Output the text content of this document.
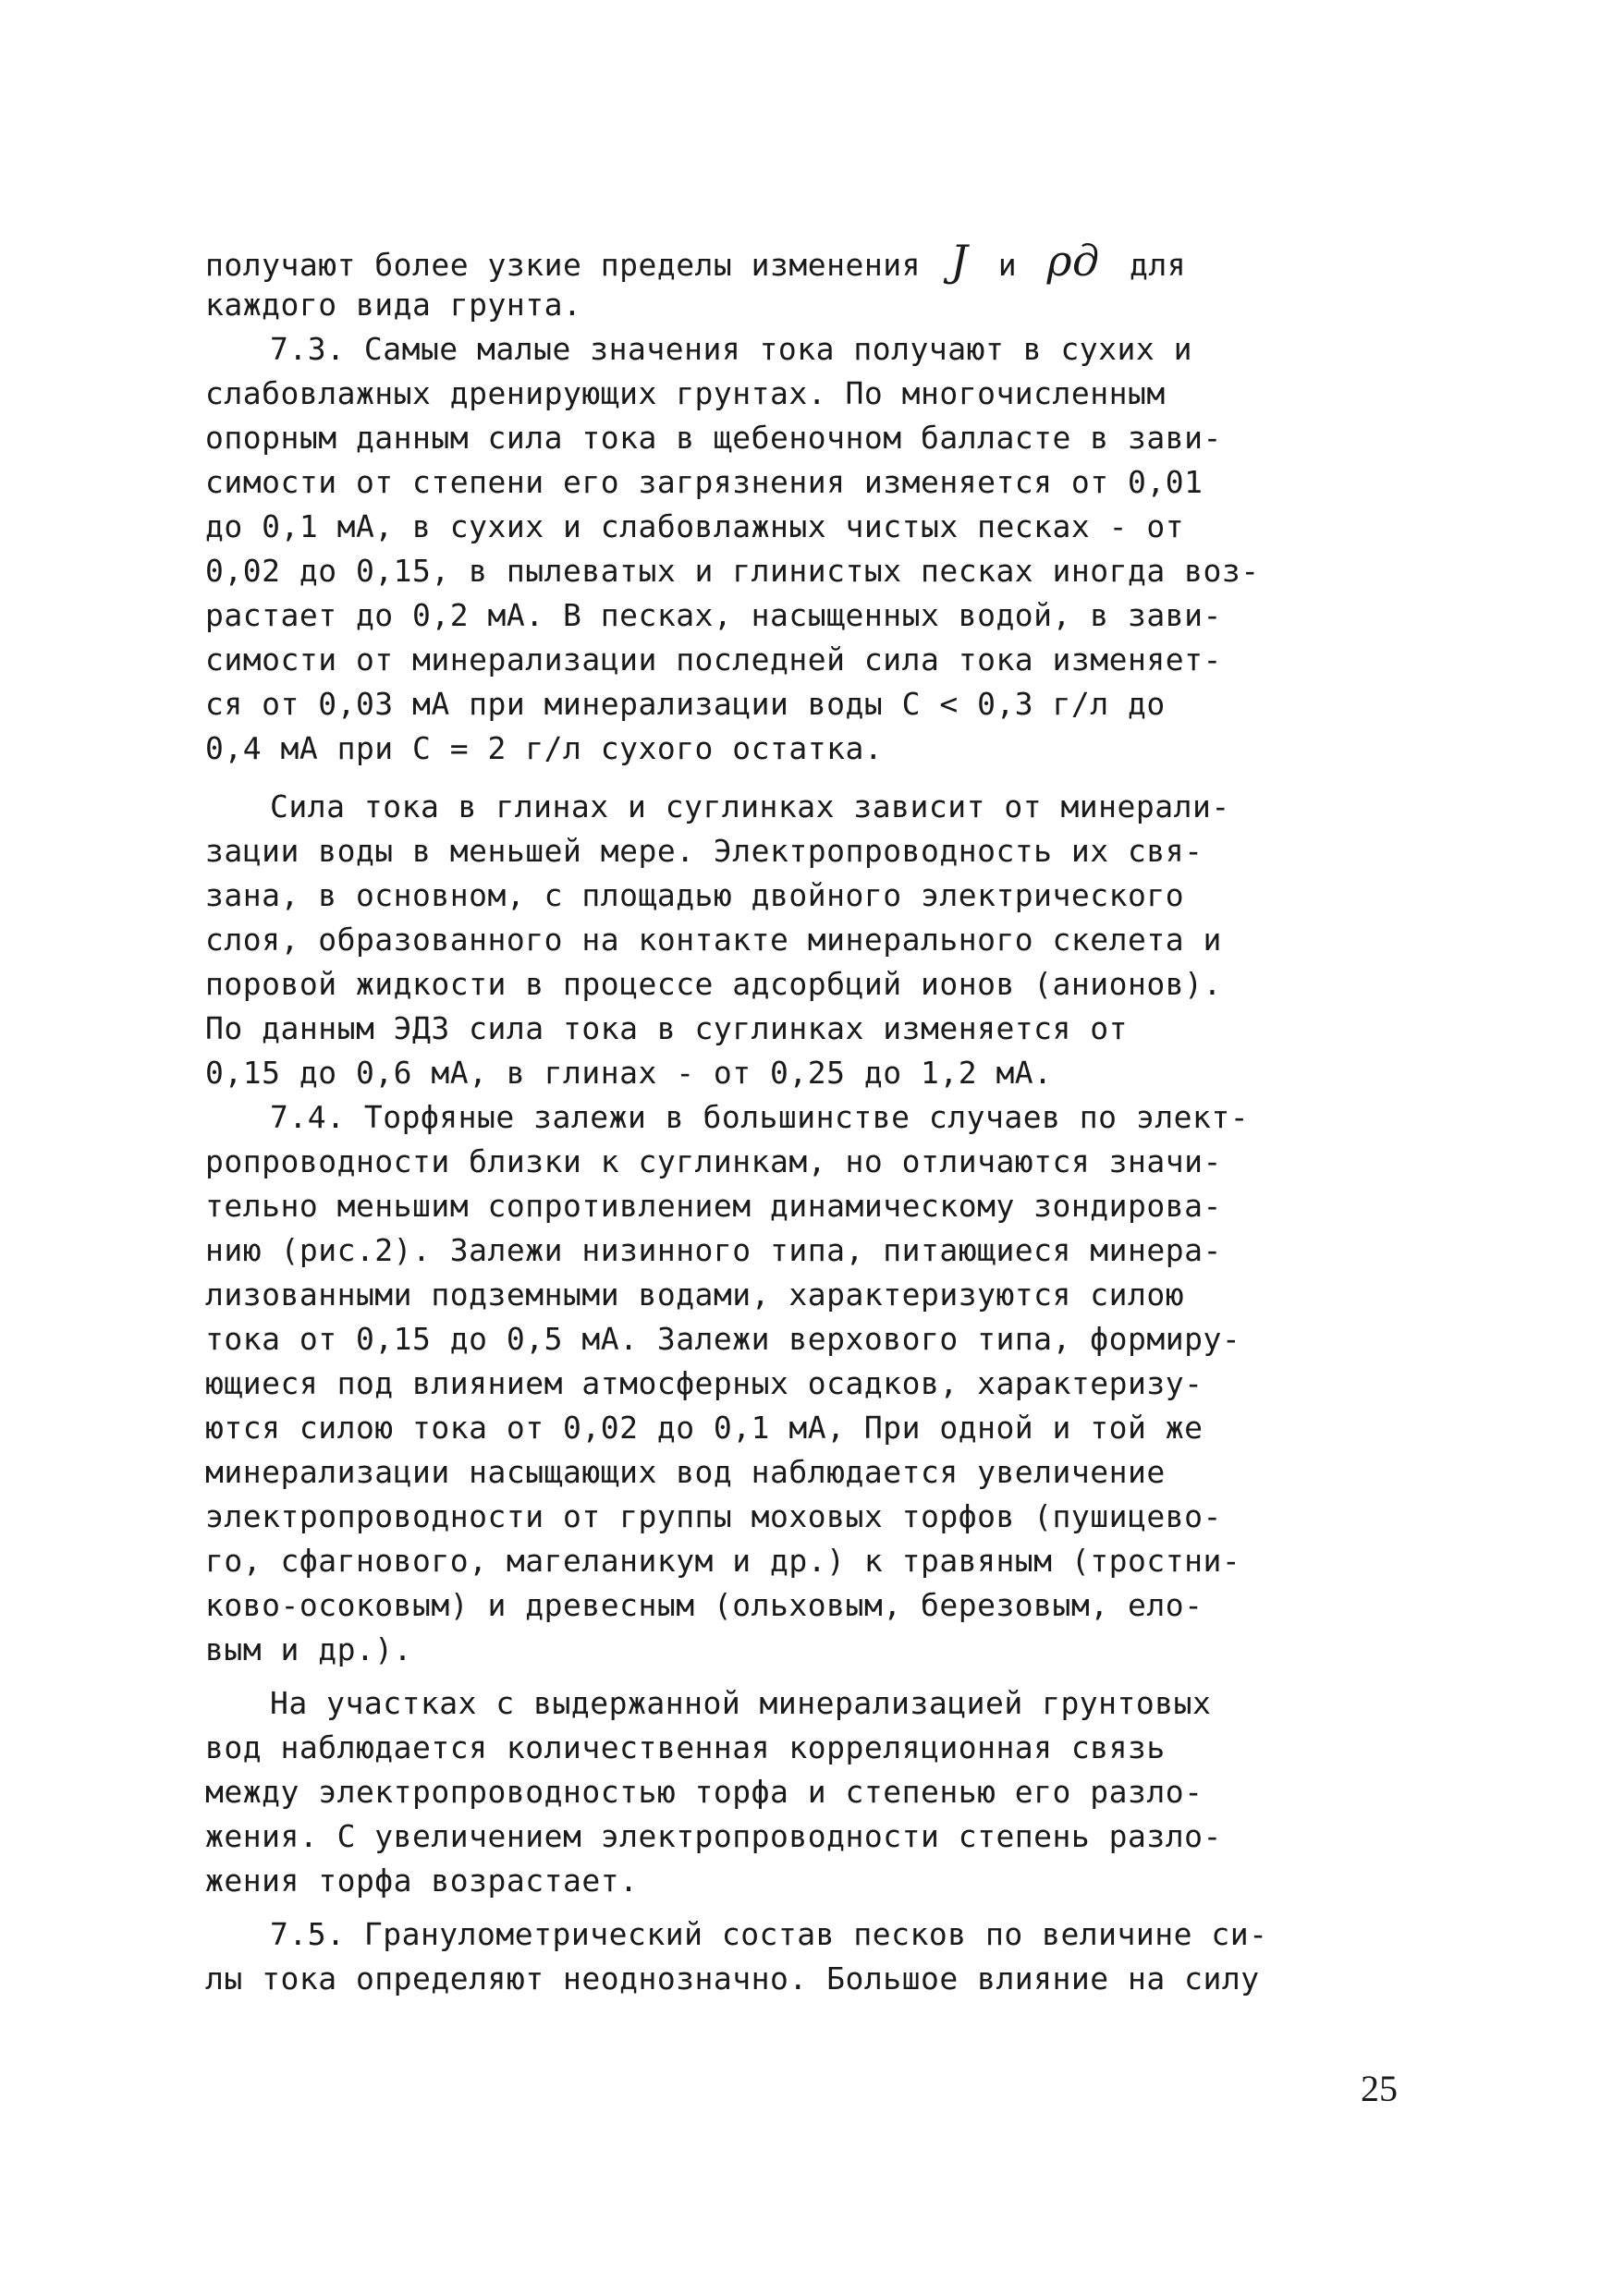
получают более узкие пределы изменения J и ρд для
каждого вида грунта.
7.3. Самые малые значения тока получают в сухих и
слабовлажных дренирующих грунтах. По многочисленным
опорным данным сила тока в щебеночном балласте в зави-
симости от степени его загрязнения изменяется от 0,01
до 0,1 мА, в сухих и слабовлажных чистых песках - от
0,02 до 0,15, в пылеватых и глинистых песках иногда воз-
растает до 0,2 мА. В песках, насыщенных водой, в зави-
симости от минерализации последней сила тока изменяет-
ся от 0,03 мА при минерализации воды C < 0,3 г/л до
0,4 мА при C = 2 г/л сухого остатка.
Сила тока в глинах и суглинках зависит от минерали-
зации воды в меньшей мере. Электропроводность их свя-
зана, в основном, с площадью двойного электрического
слоя, образованного на контакте минерального скелета и
поровой жидкости в процессе адсорбций ионов (анионов).
По данным ЭДЗ сила тока в суглинках изменяется от
0,15 до 0,6 мА, в глинах - от 0,25 до 1,2 мА.
7.4. Торфяные залежи в большинстве случаев по элект-
ропроводности близки к суглинкам, но отличаются значи-
тельно меньшим сопротивлением динамическому зондирова-
нию (рис.2). Залежи низинного типа, питающиеся минера-
лизованными подземными водами, характеризуются силою
тока от 0,15 до 0,5 мА. Залежи верхового типа, формиру-
ющиеся под влиянием атмосферных осадков, характеризу-
ются силою тока от 0,02 до 0,1 мА, При одной и той же
минерализации насыщающих вод наблюдается увеличение
электропроводности от группы моховых торфов (пушицево-
го, сфагнового, магеланикум и др.) к травяным (тростни-
ково-осоковым) и древесным (ольховым, березовым, ело-
вым и др.).
На участках с выдержанной минерализацией грунтовых
вод наблюдается количественная корреляционная связь
между электропроводностью торфа и степенью его разло-
жения. С увеличением электропроводности степень разло-
жения торфа возрастает.
7.5. Гранулометрический состав песков по величине си-
лы тока определяют неоднозначно. Большое влияние на силу
25
